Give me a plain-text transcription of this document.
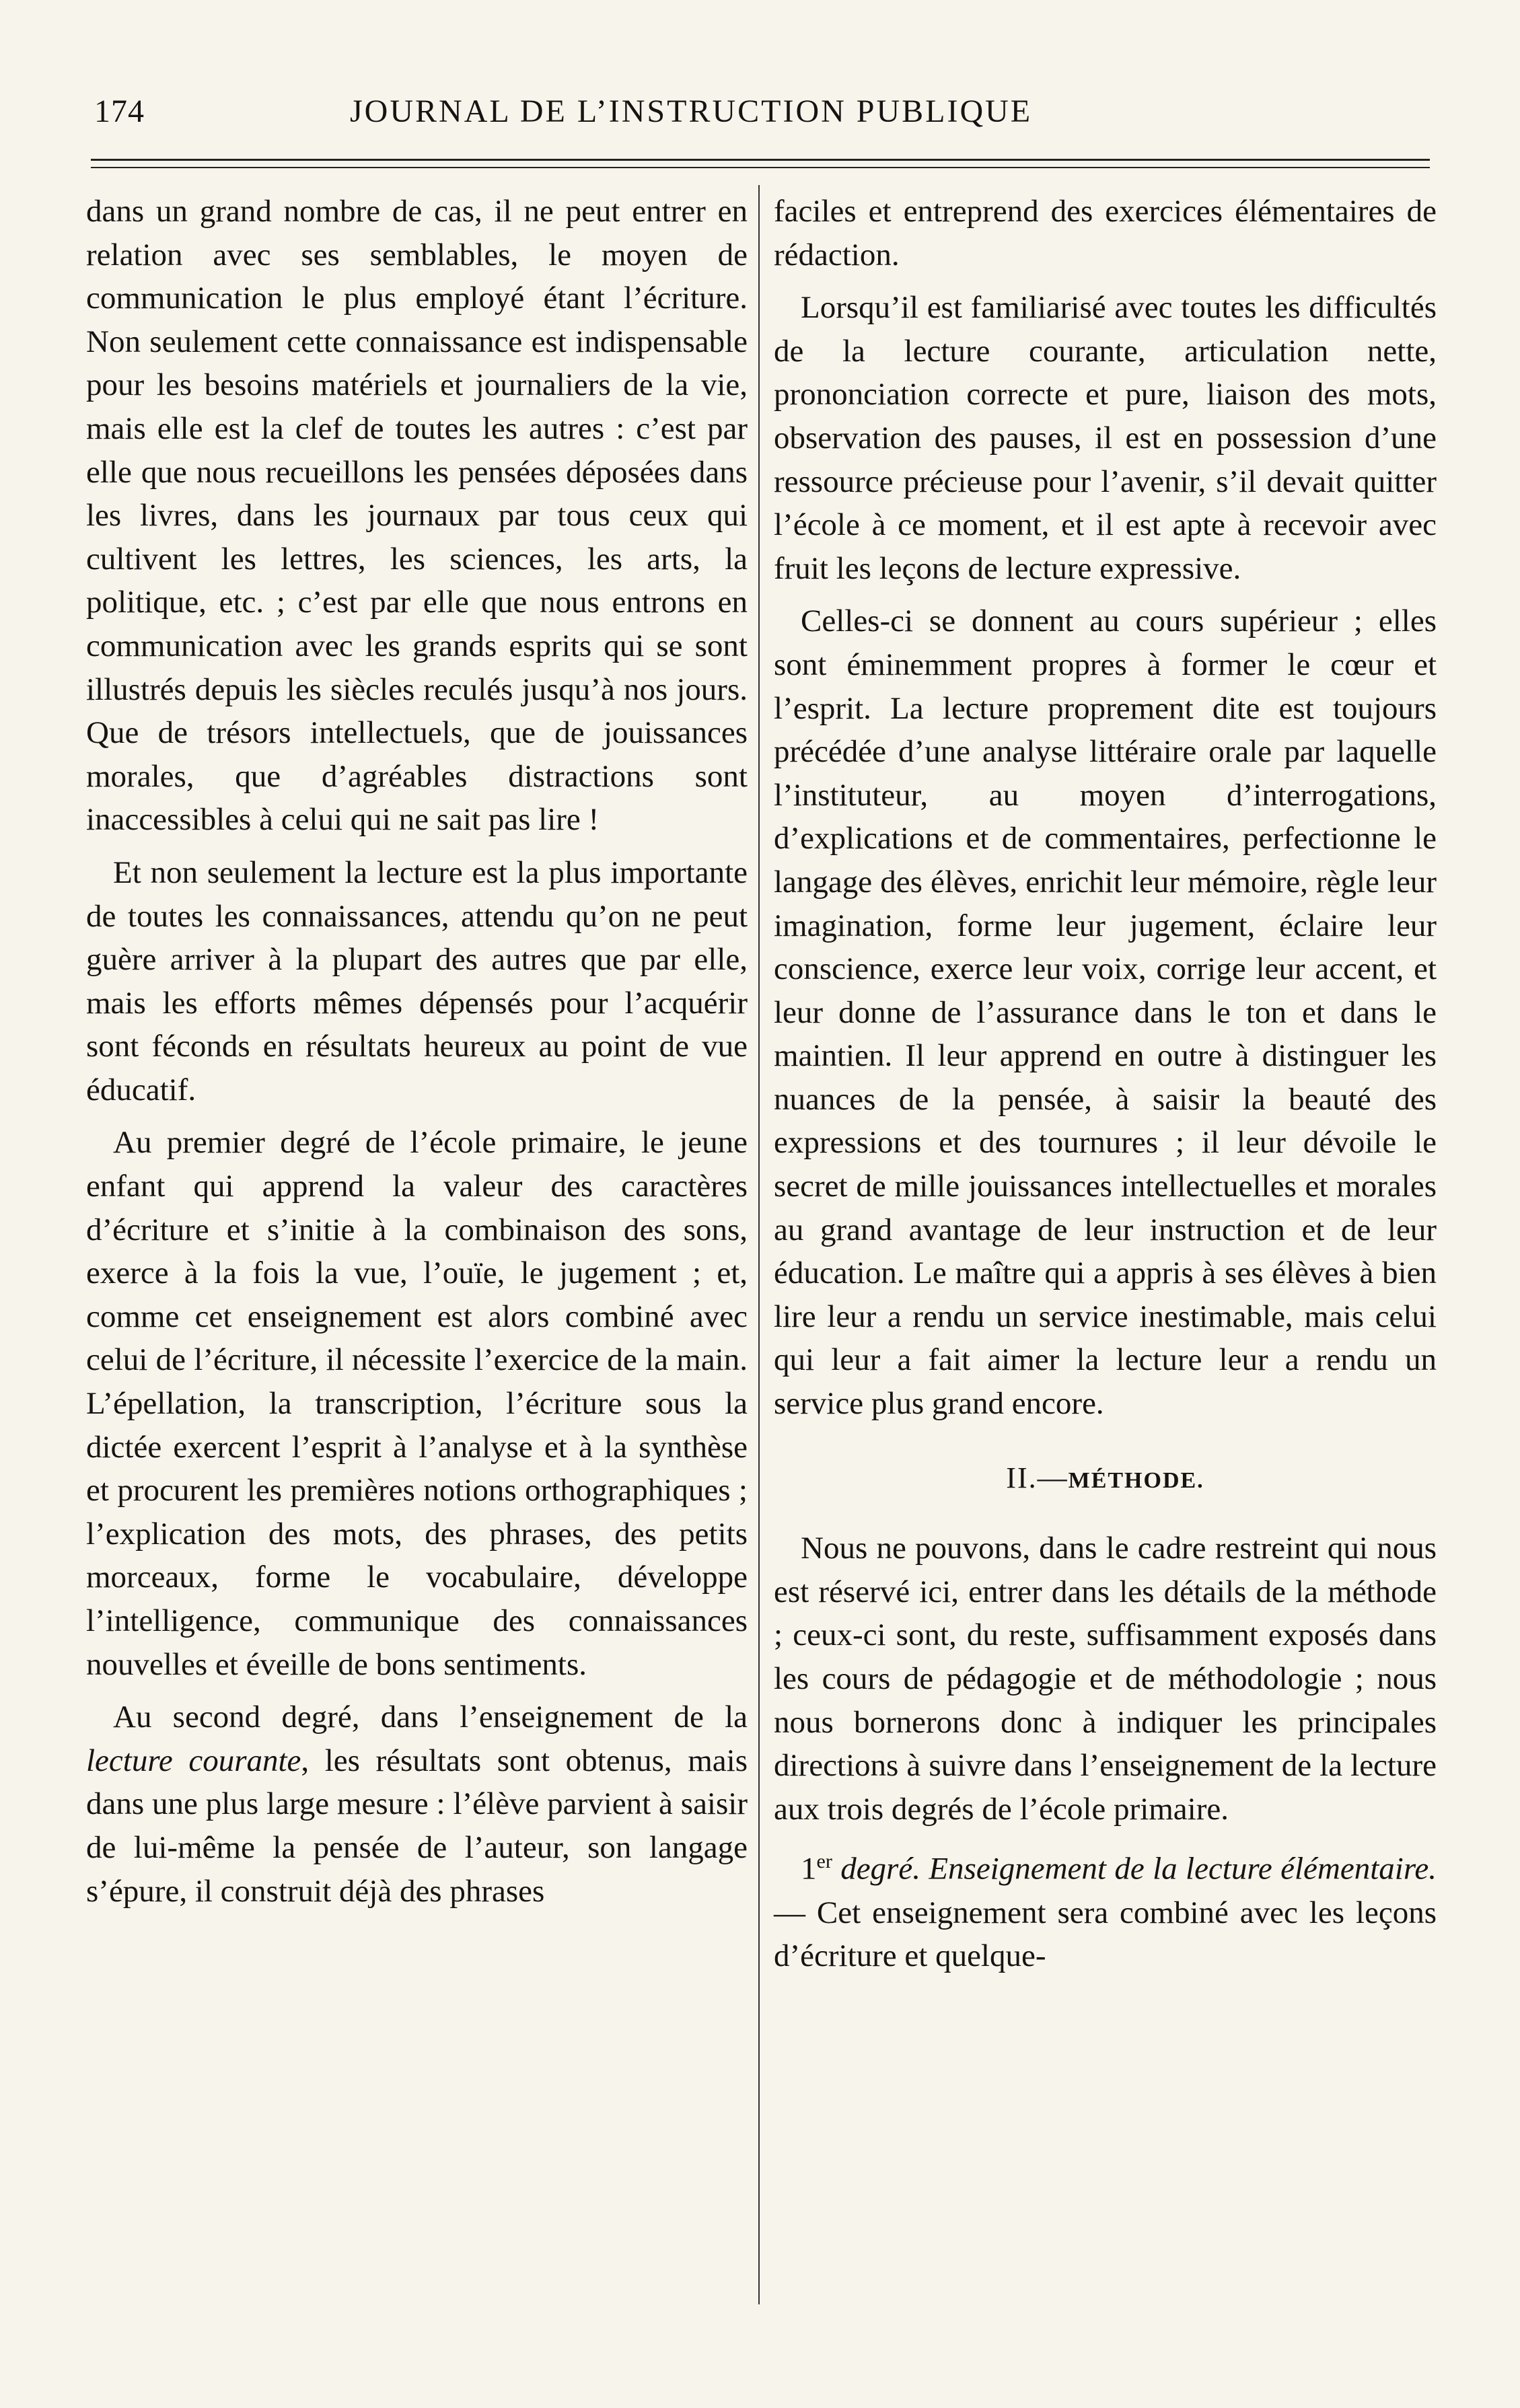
174	JOURNAL DE L’INSTRUCTION PUBLIQUE

dans un grand nombre de cas, il ne peut entrer en relation avec ses semblables, le moyen de communication le plus employé étant l’écriture. Non seulement cette connaissance est indispensable pour les besoins matériels et journaliers de la vie, mais elle est la clef de toutes les autres : c’est par elle que nous recueillons les pensées déposées dans les livres, dans les journaux par tous ceux qui cultivent les lettres, les sciences, les arts, la politique, etc. ; c’est par elle que nous entrons en communication avec les grands esprits qui se sont illustrés depuis les siècles reculés jusqu’à nos jours. Que de trésors intellectuels, que de jouissances morales, que d’agréables distractions sont inaccessibles à celui qui ne sait pas lire !

Et non seulement la lecture est la plus importante de toutes les connaissances, attendu qu’on ne peut guère arriver à la plupart des autres que par elle, mais les efforts mêmes dépensés pour l’acquérir sont féconds en résultats heureux au point de vue éducatif.

Au premier degré de l’école primaire, le jeune enfant qui apprend la valeur des caractères d’écriture et s’initie à la combinaison des sons, exerce à la fois la vue, l’ouïe, le jugement ; et, comme cet enseignement est alors combiné avec celui de l’écriture, il nécessite l’exercice de la main. L’épellation, la transcription, l’écriture sous la dictée exercent l’esprit à l’analyse et à la synthèse et procurent les premières notions orthographiques ; l’explication des mots, des phrases, des petits morceaux, forme le vocabulaire, développe l’intelligence, communique des connaissances nouvelles et éveille de bons sentiments.

Au second degré, dans l’enseignement de la lecture courante, les résultats sont obtenus, mais dans une plus large mesure : l’élève parvient à saisir de lui-même la pensée de l’auteur, son langage s’épure, il construit déjà des phrases

faciles et entreprend des exercices élémentaires de rédaction.

Lorsqu’il est familiarisé avec toutes les difficultés de la lecture courante, articulation nette, prononciation correcte et pure, liaison des mots, observation des pauses, il est en possession d’une ressource précieuse pour l’avenir, s’il devait quitter l’école à ce moment, et il est apte à recevoir avec fruit les leçons de lecture expressive.

Celles-ci se donnent au cours supérieur ; elles sont éminemment propres à former le cœur et l’esprit. La lecture proprement dite est toujours précédée d’une analyse littéraire orale par laquelle l’instituteur, au moyen d’interrogations, d’explications et de commentaires, perfectionne le langage des élèves, enrichit leur mémoire, règle leur imagination, forme leur jugement, éclaire leur conscience, exerce leur voix, corrige leur accent, et leur donne de l’assurance dans le ton et dans le maintien. Il leur apprend en outre à distinguer les nuances de la pensée, à saisir la beauté des expressions et des tournures ; il leur dévoile le secret de mille jouissances intellectuelles et morales au grand avantage de leur instruction et de leur éducation. Le maître qui a appris à ses élèves à bien lire leur a rendu un service inestimable, mais celui qui leur a fait aimer la lecture leur a rendu un service plus grand encore.

II.—MÉTHODE.

Nous ne pouvons, dans le cadre restreint qui nous est réservé ici, entrer dans les détails de la méthode ; ceux-ci sont, du reste, suffisamment exposés dans les cours de pédagogie et de méthodologie ; nous nous bornerons donc à indiquer les principales directions à suivre dans l’enseignement de la lecture aux trois degrés de l’école primaire.

1er degré. Enseignement de la lecture élémentaire.— Cet enseignement sera combiné avec les leçons d’écriture et quelque-
